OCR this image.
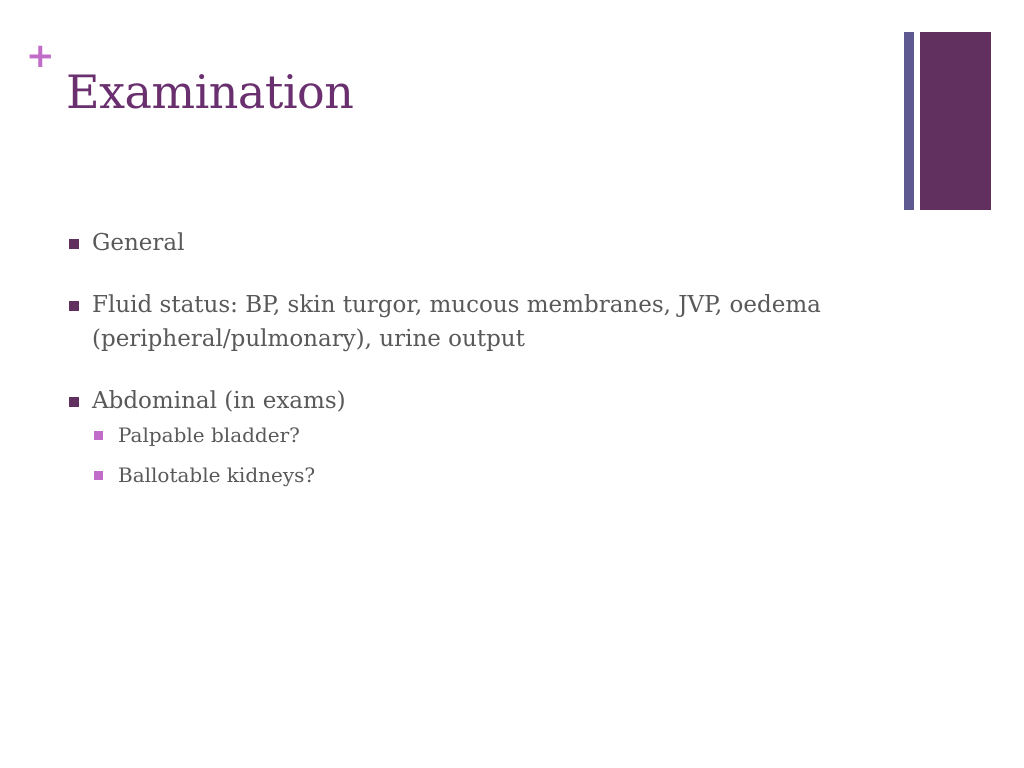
+
Examination
General
Fluid status: BP, skin turgor, mucous membranes, JVP, oedema (peripheral/pulmonary), urine output
Abdominal (in exams)
Palpable bladder?
Ballotable kidneys?
